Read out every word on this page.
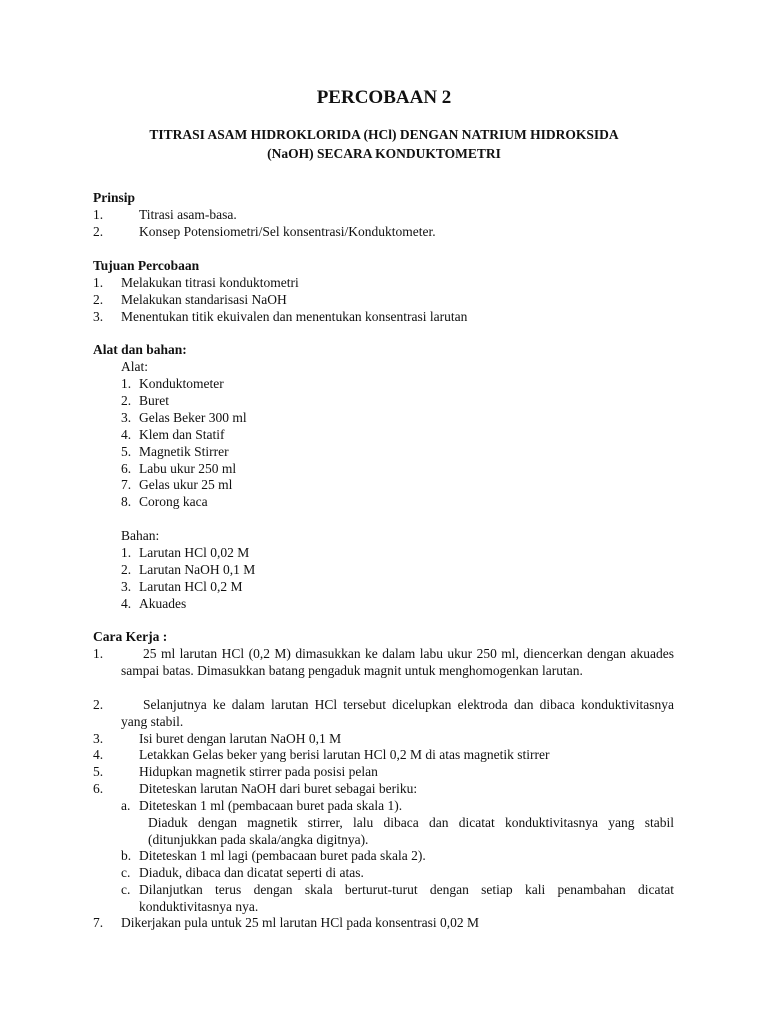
PERCOBAAN 2
TITRASI ASAM HIDROKLORIDA (HCl) DENGAN NATRIUM HIDROKSIDA
(NaOH) SECARA KONDUKTOMETRI
Prinsip
1.	Titrasi asam-basa.
2.	Konsep Potensiometri/Sel konsentrasi/Konduktometer.
Tujuan Percobaan
1. Melakukan titrasi konduktometri
2. Melakukan standarisasi NaOH
3. Menentukan titik ekuivalen dan menentukan konsentrasi larutan
Alat dan bahan:
Alat:
1. Konduktometer
2. Buret
3. Gelas Beker 300 ml
4. Klem dan Statif
5. Magnetik Stirrer
6. Labu ukur 250 ml
7. Gelas ukur 25 ml
8. Corong kaca
Bahan:
1. Larutan HCl 0,02 M
2. Larutan NaOH 0,1 M
3. Larutan HCl 0,2 M
4. Akuades
Cara Kerja :
1.	25 ml larutan HCl (0,2 M) dimasukkan ke dalam labu ukur 250 ml, diencerkan dengan akuades sampai batas. Dimasukkan batang pengaduk magnit untuk menghomogenkan larutan.
2.	Selanjutnya ke dalam larutan HCl tersebut dicelupkan elektroda dan dibaca konduktivitasnya yang stabil.
3.	Isi buret dengan larutan NaOH 0,1 M
4.	Letakkan Gelas beker yang berisi larutan HCl 0,2 M di atas magnetik stirrer
5.	Hidupkan magnetik stirrer pada posisi pelan
6.	Diteteskan larutan NaOH dari buret sebagai beriku:
a. Diteteskan 1 ml (pembacaan buret pada skala 1).
Diaduk dengan magnetik stirrer, lalu dibaca dan dicatat konduktivitasnya yang stabil (ditunjukkan pada skala/angka digitnya).
b. Diteteskan 1 ml lagi (pembacaan buret pada skala 2).
c. Diaduk, dibaca dan dicatat seperti di atas.
c. Dilanjutkan terus dengan skala berturut-turut dengan setiap kali penambahan dicatat konduktivitasnya nya.
7. Dikerjakan pula untuk 25 ml larutan HCl pada konsentrasi 0,02 M
